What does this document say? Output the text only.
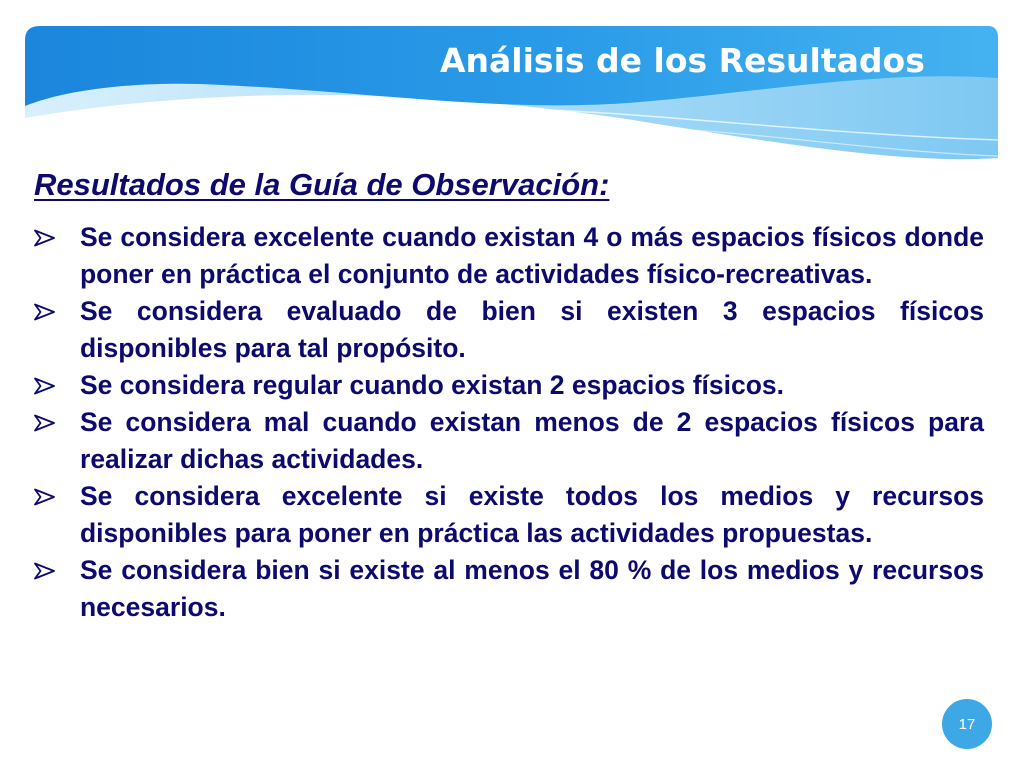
Análisis de los Resultados
Resultados de la Guía de Observación:
Se considera excelente cuando existan 4 o más espacios físicos donde poner en práctica el conjunto de actividades físico-recreativas.
Se considera evaluado de bien si existen 3 espacios físicos disponibles para tal propósito.
Se considera regular cuando existan 2 espacios físicos.
Se considera mal cuando existan menos de 2 espacios físicos para realizar dichas actividades.
Se considera excelente si existe todos los medios y recursos disponibles para poner en práctica las actividades propuestas.
Se considera bien si existe al menos el 80 % de los medios y recursos necesarios.
17
